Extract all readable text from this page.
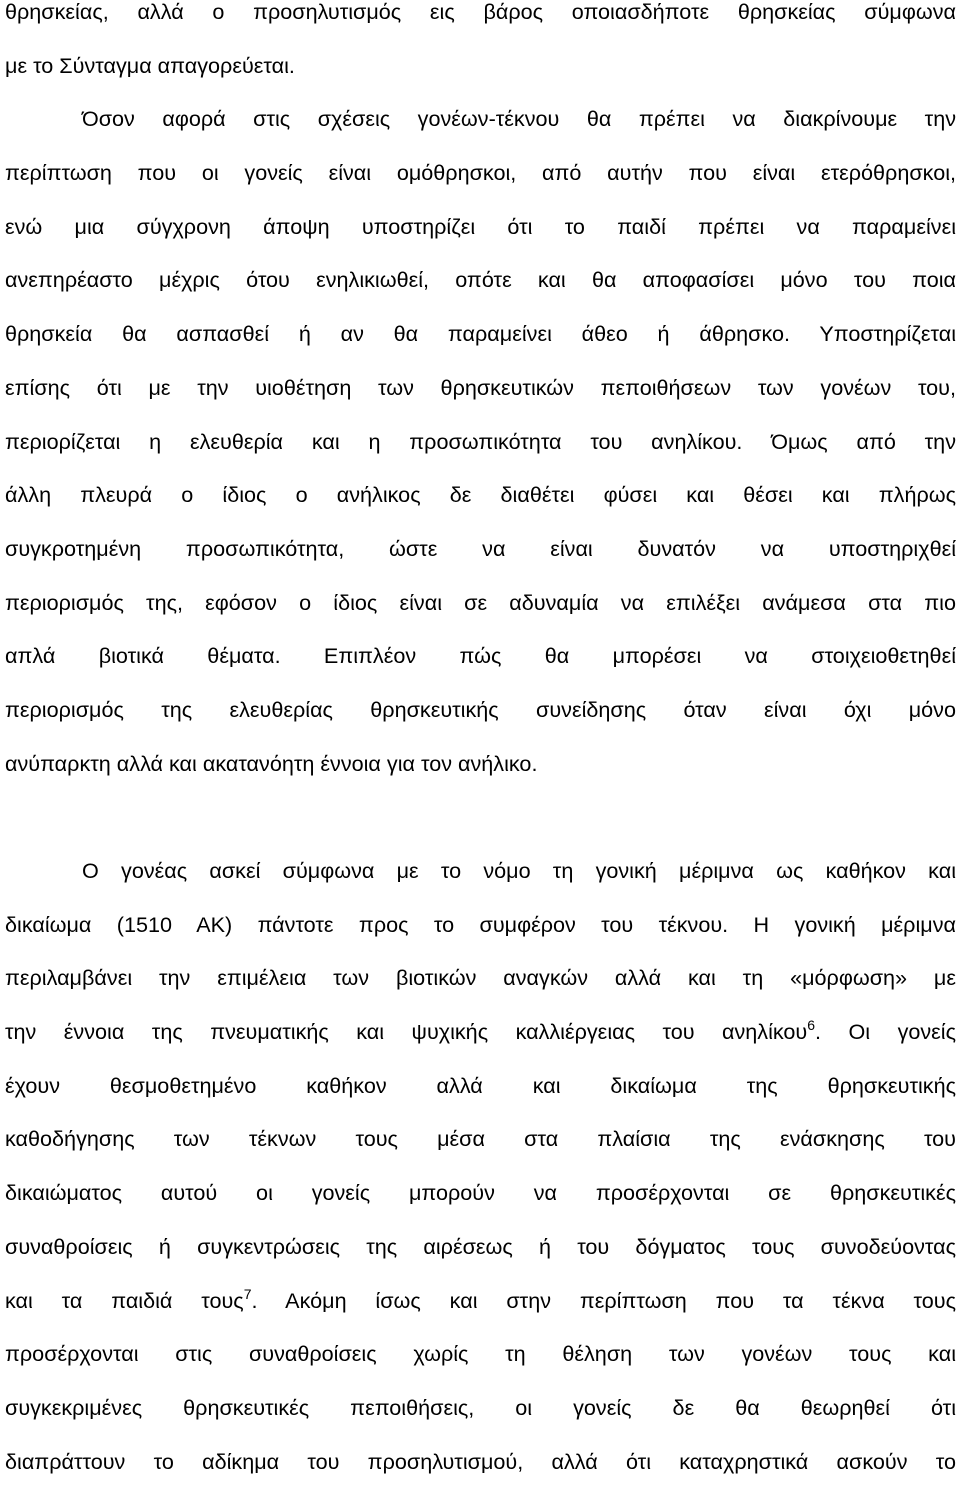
θρησκείας, αλλά ο προσηλυτισμός εις βάρος οποιασδήποτε θρησκείας σύμφωνα
με το Σύνταγμα απαγορεύεται.
Όσον αφορά στις σχέσεις γονέων-τέκνου θα πρέπει να διακρίνουμε την
περίπτωση που οι γονείς είναι ομόθρησκοι, από αυτήν που είναι ετερόθρησκοι,
ενώ μια σύγχρονη άποψη υποστηρίζει ότι το παιδί πρέπει να παραμείνει
ανεπηρέαστο μέχρις ότου ενηλικιωθεί, οπότε και θα αποφασίσει μόνο του ποια
θρησκεία θα ασπασθεί ή αν θα παραμείνει άθεο ή άθρησκο. Υποστηρίζεται
επίσης ότι με την υιοθέτηση των θρησκευτικών πεποιθήσεων των γονέων του,
περιορίζεται η ελευθερία και η προσωπικότητα του ανηλίκου. Όμως από την
άλλη πλευρά ο ίδιος ο ανήλικος δε διαθέτει φύσει και θέσει και πλήρως
συγκροτημένη προσωπικότητα, ώστε να είναι δυνατόν να υποστηριχθεί
περιορισμός της, εφόσον ο ίδιος είναι σε αδυναμία να επιλέξει ανάμεσα στα πιο
απλά βιοτικά θέματα. Επιπλέον πώς θα μπορέσει να στοιχειοθετηθεί
περιορισμός της ελευθερίας θρησκευτικής συνείδησης όταν είναι όχι μόνο
ανύπαρκτη αλλά και ακατανόητη έννοια για τον ανήλικο.
Ο γονέας ασκεί σύμφωνα με το νόμο τη γονική μέριμνα ως καθήκον και
δικαίωμα (1510 ΑΚ) πάντοτε προς το συμφέρον του τέκνου. Η γονική μέριμνα
περιλαμβάνει την επιμέλεια των βιοτικών αναγκών αλλά και τη «μόρφωση» με
την έννοια της πνευματικής και ψυχικής καλλιέργειας του ανηλίκου$^6$. Οι γονείς
έχουν θεσμοθετημένο καθήκον αλλά και δικαίωμα της θρησκευτικής
καθοδήγησης των τέκνων τους μέσα στα πλαίσια της ενάσκησης του
δικαιώματος αυτού οι γονείς μπορούν να προσέρχονται σε θρησκευτικές
συναθροίσεις ή συγκεντρώσεις της αιρέσεως ή του δόγματος τους συνοδεύοντας
και τα παιδιά τους$^7$. Ακόμη ίσως και στην περίπτωση που τα τέκνα τους
προσέρχονται στις συναθροίσεις χωρίς τη θέληση των γονέων τους και
συγκεκριμένες θρησκευτικές πεποιθήσεις, οι γονείς δε θα θεωρηθεί ότι
διαπράττουν το αδίκημα του προσηλυτισμού, αλλά ότι καταχρηστικά ασκούν το
